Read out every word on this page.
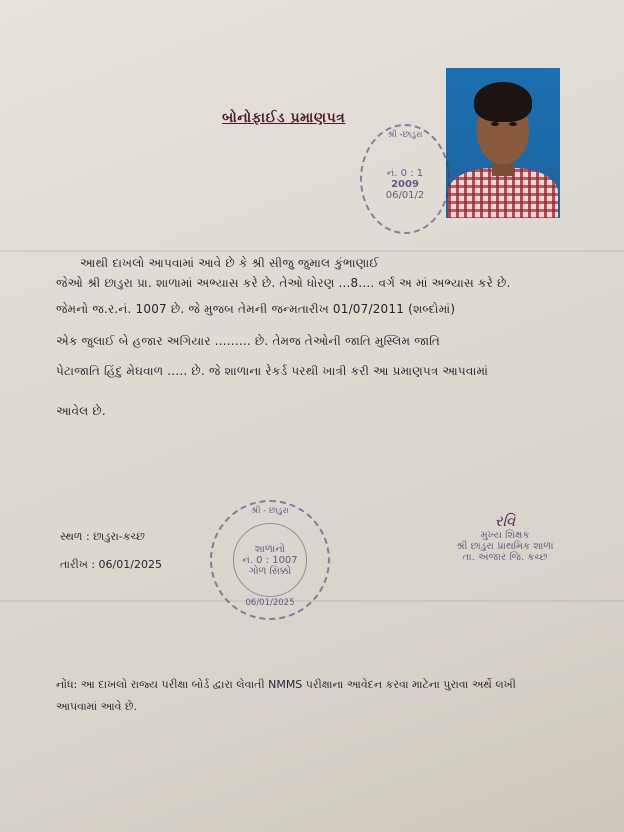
બોનોફાઈડ પ્રમાણપત્ર
શ્રી -છાડુરા
નં. 0 : 1
2009
06/01/2
આથી દાખલો આપવામાં આવે છે કે શ્રી સીજુ જુમાલ કુંભાણાઈ
જેઓ શ્રી છાડુરા પ્રા. શાળામાં અભ્યાસ કરે છે. તેઓ ધોરણ ...8.... વર્ગ અ માં અભ્યાસ કરે છે.
જેમનો જ.ર.નં. 1007 છે. જે મુજબ તેમની જન્મતારીખ 01/07/2011 (શબ્દોમાં)
એક જુલાઈ બે હજાર અગિયાર ......... છે. તેમજ તેઓની જાતિ મુસ્લિમ જાતિ
પેટાજાતિ હિંદુ મેઘવાળ ..... છે. જે શાળાના રેકર્ડ પરથી ખાત્રી કરી આ પ્રમાણપત્ર આપવામાં
આવેલ છે.
સ્થળ : છાડુરા-કચ્છ
તારીખ : 06/01/2025
શ્રી - છાડુરા
શાળાનો
નં. 0 : 1007
ગોળ સિક્કો
06/01/2025
રવિ
મુખ્ય શિક્ષક
શ્રી છાડુરા પ્રાથમિક શાળા
તા. અંજાર જિ. કચ્છ
નોંધ: આ દાખલો રાજ્ય પરીક્ષા બોર્ડ દ્વારા લેવાતી NMMS પરીક્ષાના આવેદન કરવા માટેના પુરાવા અર્થે લખી આપવામાં આવે છે.
